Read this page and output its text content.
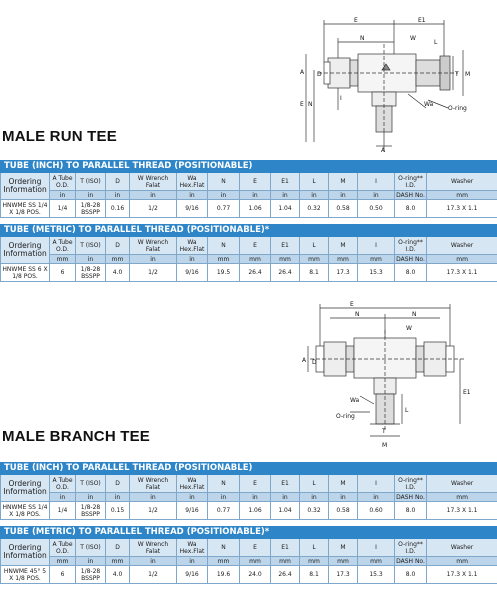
E	E1
N	W
L
A D	T M
E N
I
Wa
O-ring
A
MALE RUN TEE
TUBE (INCH) TO PARALLEL THREAD (POSITIONABLE)													
Ordering Information	A Tube O.D.	T (ISO)	D	W Wrench Falat	Wa Hex.Flat	N	E	E1	L	M	I	O-ring** I.D.	Washer
	in	in	in	in	in	in	in	in	in	in	in	DASH No.	mm
HNWME SS 1/4 X 1/8 POS.	1/4	1/8-28 BSSPP	0.16	1/2	9/16	0.77	1.06	1.04	0.32	0.58	0.50	8.0	17.3 X 1.1
TUBE (METRIC) TO PARALLEL THREAD (POSITIONABLE)*													
Ordering Information	A Tube O.D.	T (ISO)	D	W Wrench Falat	Wa Hex.Flat	N	E	E1	L	M	I	O-ring** I.D.	Washer
	mm	in	mm	in	in	mm	mm	mm	mm	mm	mm	DASH No.	mm
HNWME SS 6 X 1/8 POS.	6	1/8-28 BSSPP	4.0	1/2	9/16	19.5	26.4	26.4	8.1	17.3	15.3	8.0	17.3 X 1.1
E
N	N
W
A D
E1
Wa
L
O-ring
T
M
MALE BRANCH TEE
TUBE (INCH) TO PARALLEL THREAD (POSITIONABLE)													
Ordering Information	A Tube O.D.	T (ISO)	D	W Wrench Falat	Wa Hex.Flat	N	E	E1	L	M	I	O-ring** I.D.	Washer
	in	in	in	in	in	in	in	in	in	in	in	DASH No.	mm
HNWME SS 1/4 X 1/8 POS.	1/4	1/8-28 BSSPP	0.15	1/2	9/16	0.77	1.06	1.04	0.32	0.58	0.60	8.0	17.3 X 1.1
TUBE (METRIC) TO PARALLEL THREAD (POSITIONABLE)*													
Ordering Information	A Tube O.D.	T (ISO)	D	W Wrench Falat	Wa Hex.Flat	N	E	E1	L	M	I	O-ring** I.D.	Washer
	mm	in	mm	in	in	mm	mm	mm	mm	mm	mm	DASH No.	mm
HNWME 45° 5 X 1/8 POS.	6	1/8-28 BSSPP	4.0	1/2	9/16	19.6	24.0	26.4	8.1	17.3	15.3	8.0	17.3 X 1.1
